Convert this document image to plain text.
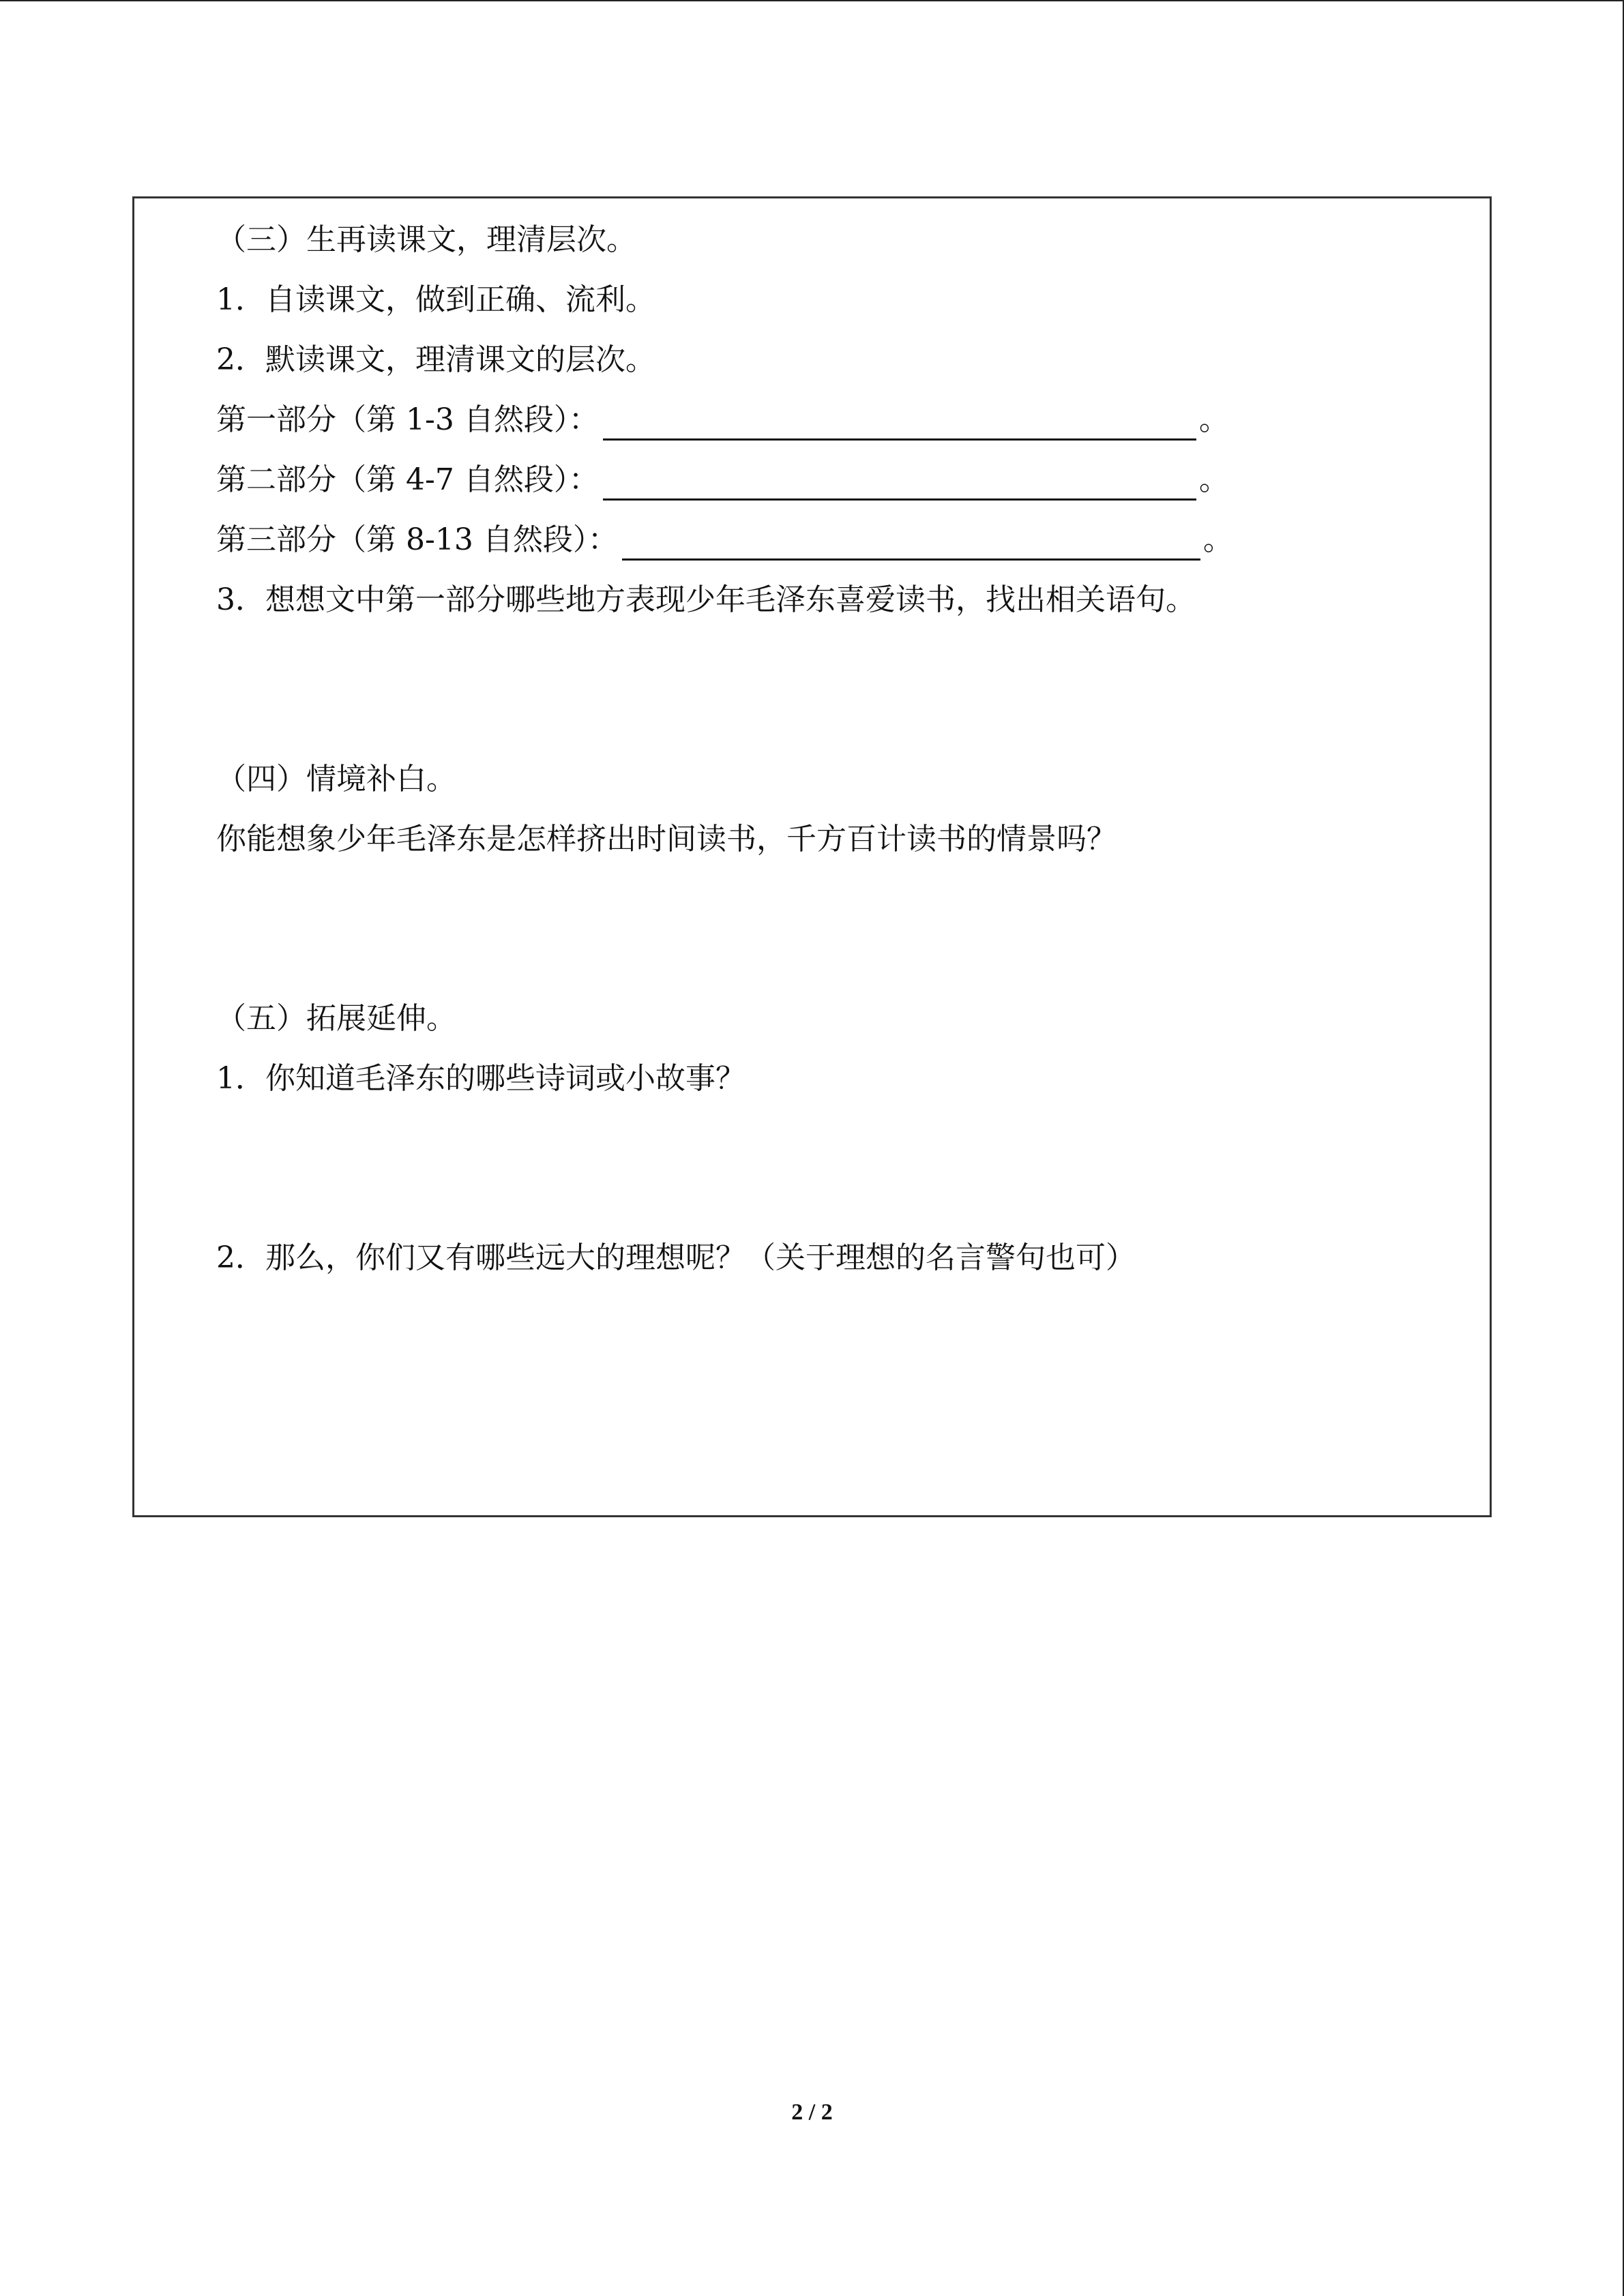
（三）生再读课文，理清层次。
1．自读课文，做到正确、流利。
2．默读课文，理清课文的层次。
第一部分（第 1-3 自然段）：	。
第二部分（第 4-7 自然段）：	。
第三部分（第 8-13 自然段）：	。
3．想想文中第一部分哪些地方表现少年毛泽东喜爱读书，找出相关语句。
（四）情境补白。
你能想象少年毛泽东是怎样挤出时间读书，千方百计读书的情景吗？
（五）拓展延伸。
1．你知道毛泽东的哪些诗词或小故事？
2．那么，你们又有哪些远大的理想呢？（关于理想的名言警句也可）
2 / 2
